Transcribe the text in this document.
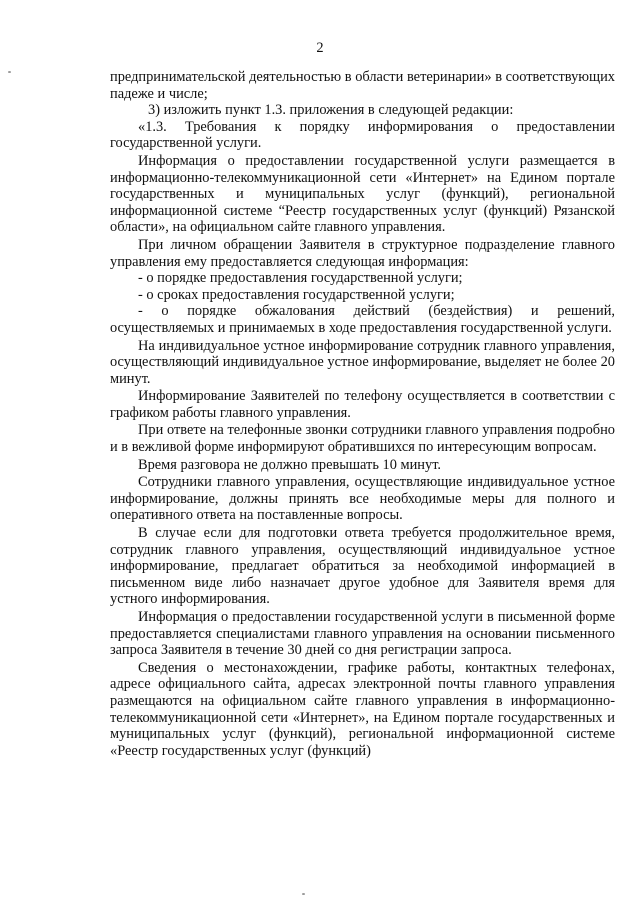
2

предпринимательской деятельностью в области ветеринарии» в соответствующих падеже и числе;

3) изложить пункт 1.3. приложения в следующей редакции:

«1.3. Требования к порядку информирования о предоставлении государственной услуги.

Информация о предоставлении государственной услуги размещается в информационно-телекоммуникационной сети «Интернет» на Едином портале государственных и муниципальных услуг (функций), региональной информационной системе “Реестр государственных услуг (функций) Рязанской области», на официальном сайте главного управления.

При личном обращении Заявителя в структурное подразделение главного управления ему предоставляется следующая информация:

- о порядке предоставления государственной услуги;

- о сроках предоставления государственной услуги;

- о порядке обжалования действий (бездействия) и решений, осуществляемых и принимаемых в ходе предоставления государственной услуги.

На индивидуальное устное информирование сотрудник главного управления, осуществляющий индивидуальное устное информирование, выделяет не более 20 минут.

Информирование Заявителей по телефону осуществляется в соответствии с графиком работы главного управления.

При ответе на телефонные звонки сотрудники главного управления подробно и в вежливой форме информируют обратившихся по интересующим вопросам.

Время разговора не должно превышать 10 минут.

Сотрудники главного управления, осуществляющие индивидуальное устное информирование, должны принять все необходимые меры для полного и оперативного ответа на поставленные вопросы.

В случае если для подготовки ответа требуется продолжительное время, сотрудник главного управления, осуществляющий индивидуальное устное информирование, предлагает обратиться за необходимой информацией в письменном виде либо назначает другое удобное для Заявителя время для устного информирования.

Информация о предоставлении государственной услуги в письменной форме предоставляется специалистами главного управления на основании письменного запроса Заявителя в течение 30 дней со дня регистрации запроса.

Сведения о местонахождении, графике работы, контактных телефонах, адресе официального сайта, адресах электронной почты главного управления размещаются на официальном сайте главного управления в информационно-телекоммуникационной сети «Интернет», на Едином портале государственных и муниципальных услуг (функций), региональной информационной системе «Реестр государственных услуг (функций)
